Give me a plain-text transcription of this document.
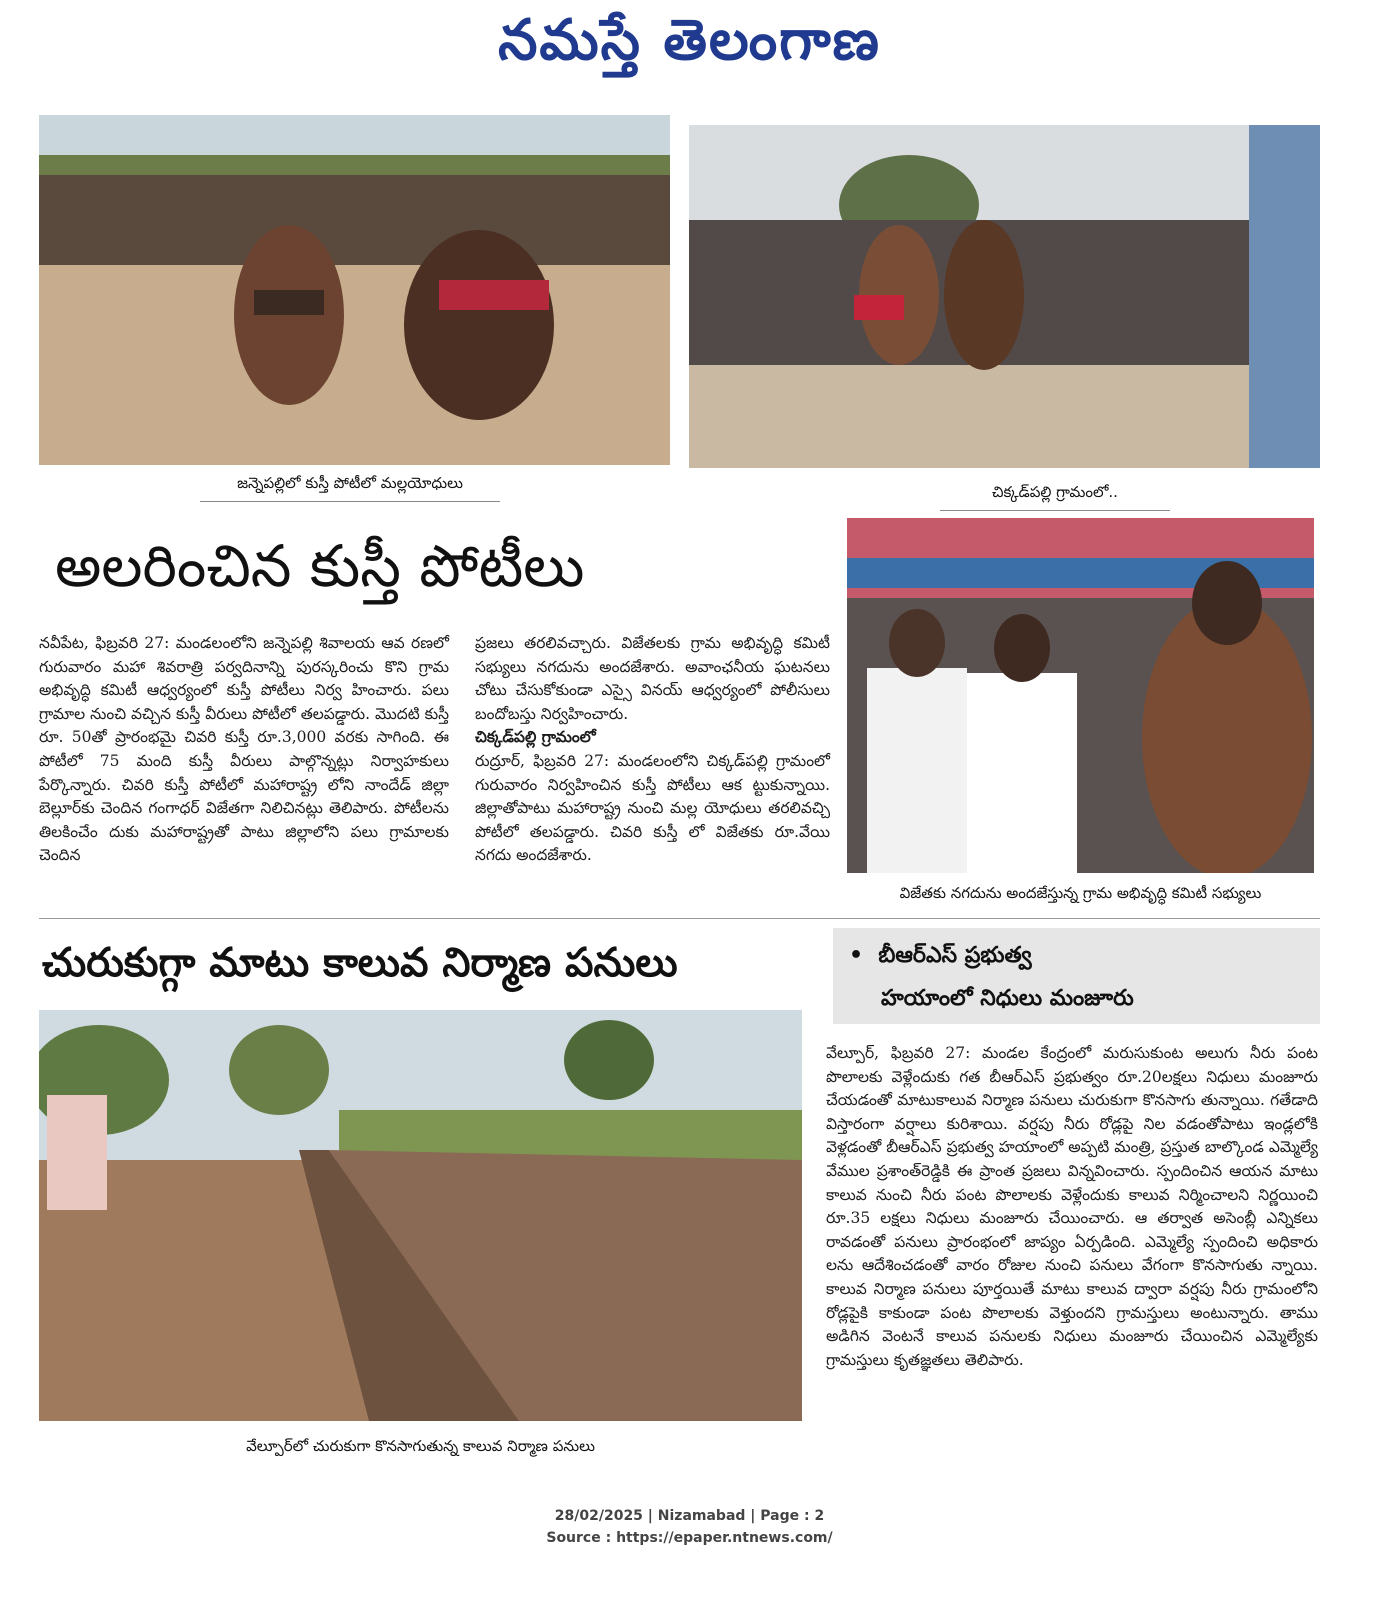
నమస్తే తెలంగాణ
జన్నెపల్లిలో కుస్తీ పోటీలో మల్లయోధులు	చిక్కడ్‌పల్లి గ్రామంలో..
అలరించిన కుస్తీ పోటీలు

నవీపేట, ఫిబ్రవరి 27: మండలంలోని జన్నెపల్లి శివాలయ ఆవ రణలో గురువారం మహా శివరాత్రి పర్వదినాన్ని పురస్కరించు కొని గ్రామ అభివృద్ధి కమిటీ ఆధ్వర్యంలో కుస్తీ పోటీలు నిర్వ హించారు. పలు గ్రామాల నుంచి వచ్చిన కుస్తీ వీరులు పోటీలో తలపడ్డారు. మొదటి కుస్తీ రూ. 50తో ప్రారంభమై చివరి కుస్తీ రూ.3,000 వరకు సాగింది. ఈ పోటీలో 75 మంది కుస్తీ వీరులు పాల్గొన్నట్లు నిర్వాహకులు పేర్కొన్నారు. చివరి కుస్తీ పోటీలో మహారాష్ట్ర లోని నాందేడ్ జిల్లా బెల్లూర్‌కు చెందిన గంగాధర్ విజేతగా నిలిచినట్లు తెలిపారు. పోటీలను తిలకించేం దుకు మహారాష్ట్రతో పాటు జిల్లాలోని పలు గ్రామాలకు చెందిన

ప్రజలు తరలివచ్చారు. విజేతలకు గ్రామ అభివృద్ధి కమిటీ సభ్యులు నగదును అందజేశారు. అవాంఛనీయ ఘటనలు చోటు చేసుకోకుండా ఎస్సై వినయ్ ఆధ్వర్యంలో పోలీసులు బందోబస్తు నిర్వహించారు.

చిక్కడ్‌పల్లి గ్రామంలో

రుద్రూర్, ఫిబ్రవరి 27: మండలంలోని చిక్కడ్‌పల్లి గ్రామంలో గురువారం నిర్వహించిన కుస్తీ పోటీలు ఆక ట్టుకున్నాయి. జిల్లాతోపాటు మహారాష్ట్ర నుంచి మల్ల యోధులు తరలివచ్చి పోటీలో తలపడ్డారు. చివరి కుస్తీ లో విజేతకు రూ.వేయి నగదు అందజేశారు.

విజేతకు నగదును అందజేస్తున్న గ్రామ అభివృద్ధి కమిటీ సభ్యులు
చురుకుగ్గా మాటు కాలువ నిర్మాణ పనులు	•  బీఆర్ఎస్ ప్రభుత్వ
హయాంలో నిధులు మంజూరు
వేల్పూర్‌లో చురుకుగా కొనసాగుతున్న కాలువ నిర్మాణ పనులు

వేల్పూర్, ఫిబ్రవరి 27: మండల కేంద్రంలో మరుసుకుంట అలుగు నీరు పంట పొలాలకు వెళ్లేందుకు గత బీఆర్ఎస్ ప్రభుత్వం రూ.20లక్షలు నిధులు మంజూరు చేయడంతో మాటుకాలువ నిర్మాణ పనులు చురుకుగా కొనసాగు తున్నాయి. గతేడాది విస్తారంగా వర్షాలు కురిశాయి. వర్షపు నీరు రోడ్లపై నిల వడంతోపాటు ఇండ్లలోకి వెళ్లడంతో బీఆర్ఎస్ ప్రభుత్వ హయాంలో అప్పటి మంత్రి, ప్రస్తుత బాల్కొండ ఎమ్మెల్యే వేముల ప్రశాంత్‌రెడ్డికి ఈ ప్రాంత ప్రజలు విన్నవించారు. స్పందించిన ఆయన మాటు కాలువ నుంచి నీరు పంట పొలాలకు వెళ్లేందుకు కాలువ నిర్మించాలని నిర్ణయించి రూ.35 లక్షలు నిధులు మంజూరు చేయించారు. ఆ తర్వాత అసెంబ్లీ ఎన్నికలు రావడంతో పనులు ప్రారంభంలో జాప్యం ఏర్పడింది. ఎమ్మెల్యే స్పందించి అధికారు లను ఆదేశించడంతో వారం రోజుల నుంచి పనులు వేగంగా కొనసాగుతు న్నాయి. కాలువ నిర్మాణ పనులు పూర్తయితే మాటు కాలువ ద్వారా వర్షపు నీరు గ్రామంలోని రోడ్లపైకి కాకుండా పంట పొలాలకు వెళ్తుందని గ్రామస్తులు అంటున్నారు. తాము అడిగిన వెంటనే కాలువ పనులకు నిధులు మంజూరు చేయించిన ఎమ్మెల్యేకు గ్రామస్తులు కృతజ్ఞతలు తెలిపారు.

28/02/2025 | Nizamabad | Page : 2
Source : https://epaper.ntnews.com/
